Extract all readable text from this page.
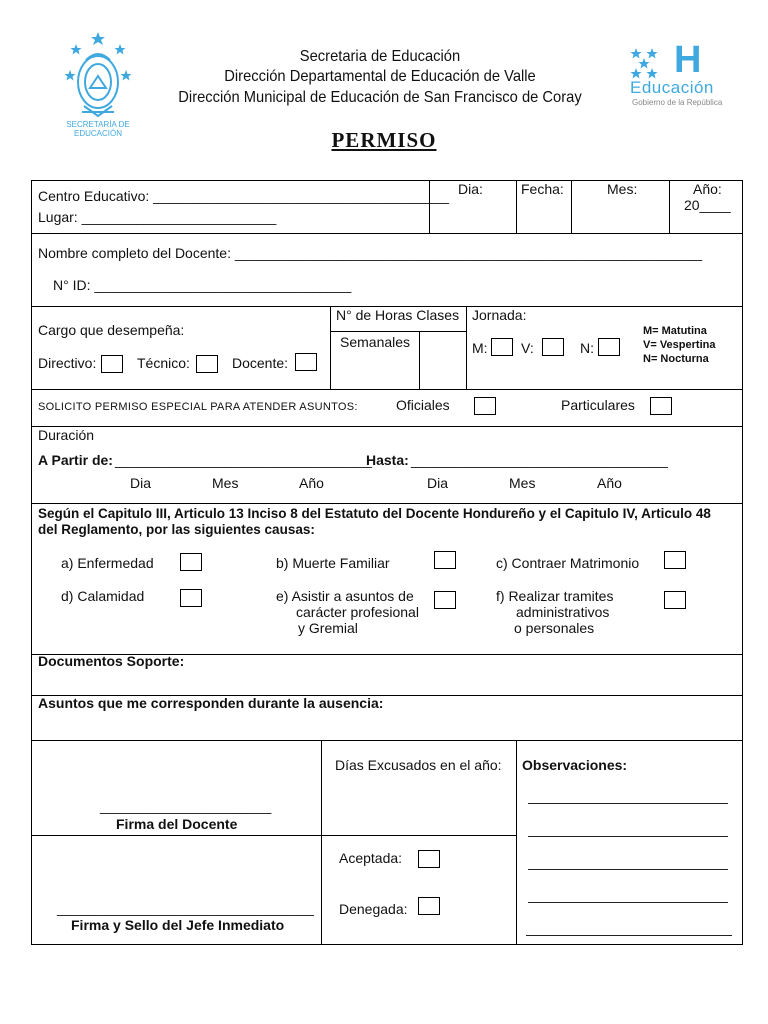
SECRETARÍA DE
EDUCACIÓN
H
Educación
Gobierno de la República
Secretaria de Educación
Dirección Departamental de Educación de Valle
Dirección Municipal de Educación de San Francisco de Coray
PERMISO
Centro Educativo: ______________________________________
Lugar: _________________________
Dia:	Fecha:	Mes:	Año:
20____
Nombre completo del Docente: ____________________________________________________________
N° ID: _________________________________
Cargo que desempeña:
Directivo:	Técnico:	Docente:
N° de Horas Clases
Semanales
Jornada:
M: V:	N:
M= Matutina
V= Vespertina
N= Nocturna
SOLICITO PERMISO ESPECIAL PARA ATENDER ASUNTOS:	Oficiales	Particulares
Duración
A Partir de: _________________________________
Hasta: _________________________________
Dia	Mes	Año	Dia	Mes	Año
Según el Capitulo III, Articulo 13 Inciso 8 del Estatuto del Docente Hondureño y el Capitulo IV, Articulo 48
del Reglamento, por las siguientes causas:
a) Enfermedad	b) Muerte Familiar	c) Contraer Matrimonio
d) Calamidad	e) Asistir a asuntos de
carácter profesional
y Gremial
f) Realizar tramites
administrativos
o personales
Documentos Soporte:
Asuntos que me corresponden durante la ausencia:
______________________
Firma del Docente
Días Excusados en el año: Observaciones:
Aceptada:
Denegada:
_________________________________
Firma y Sello del Jefe Inmediato
